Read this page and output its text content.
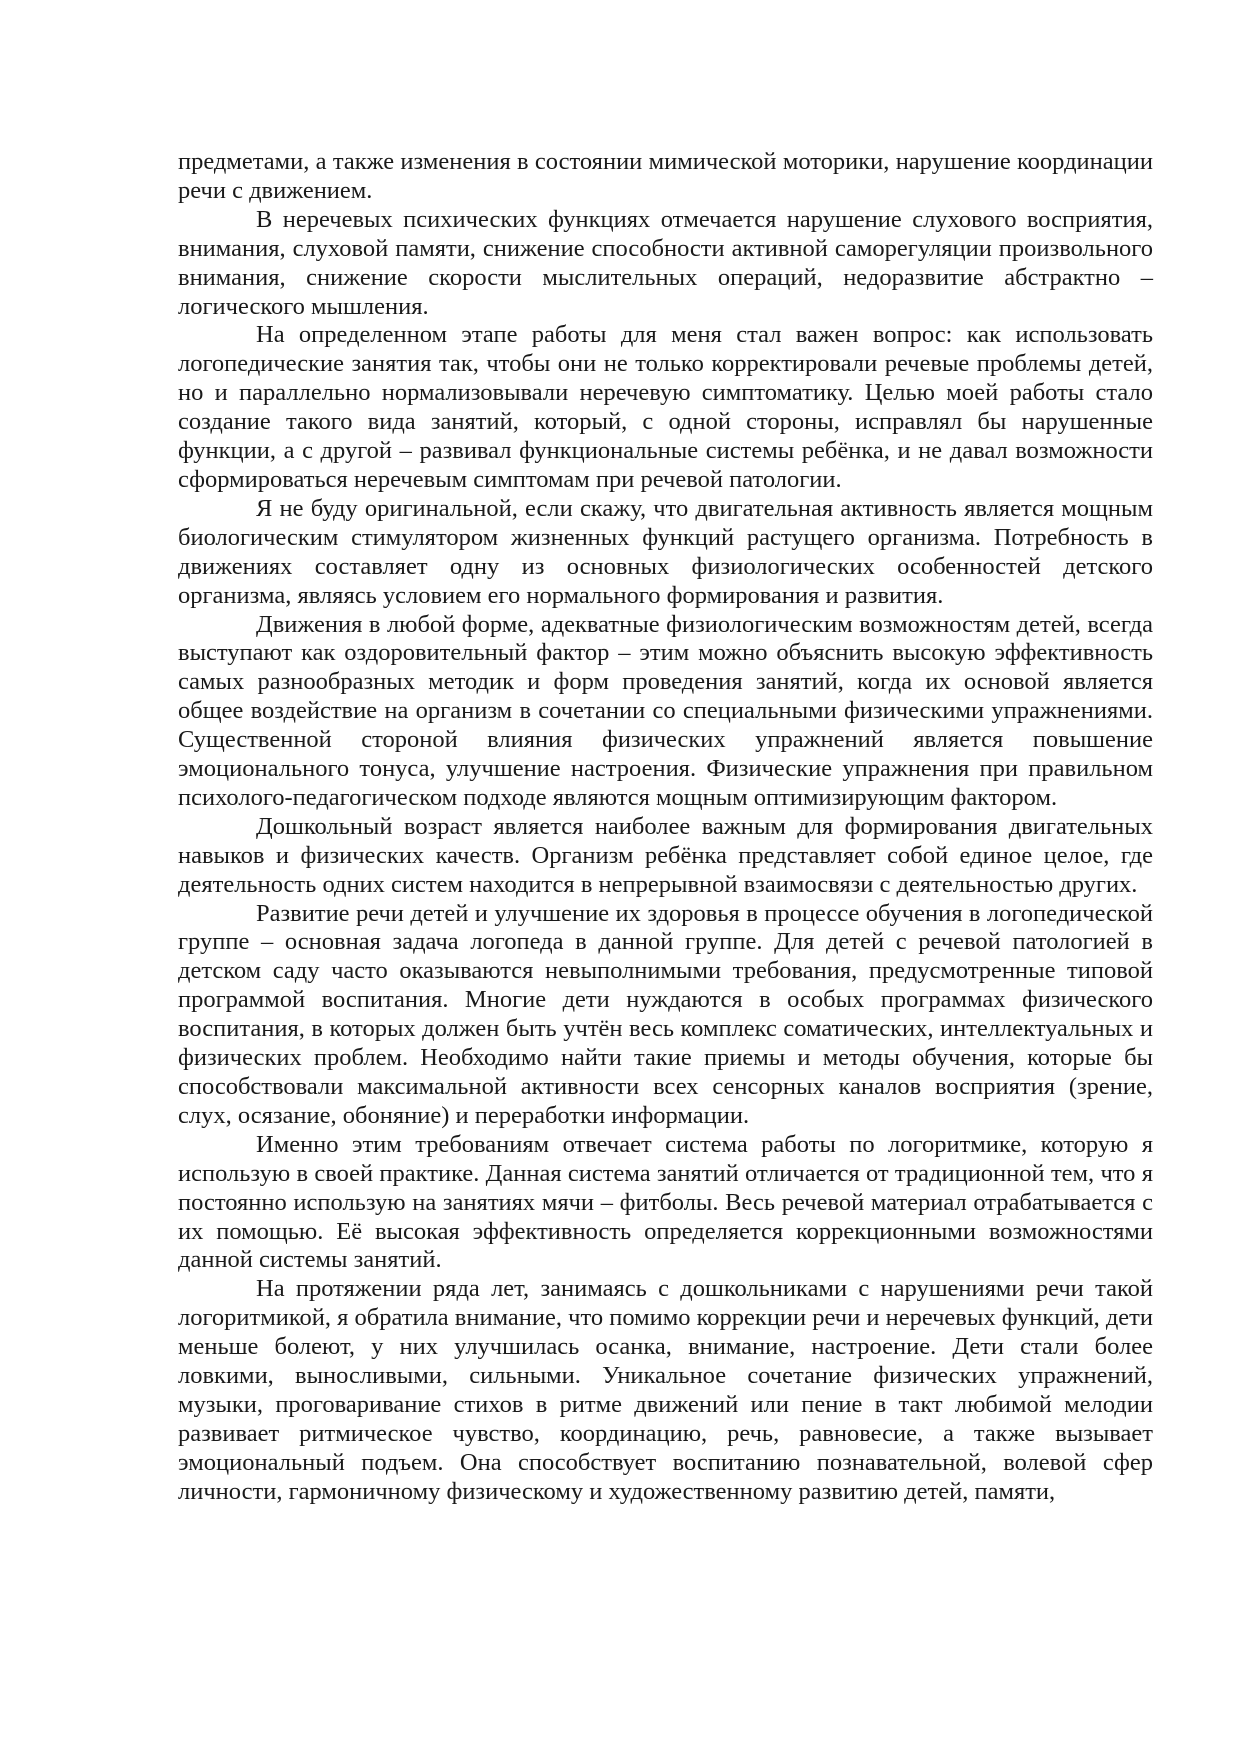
предметами, а также изменения в состоянии мимической моторики, нарушение координации речи с движением.

В неречевых психических функциях отмечается нарушение слухового восприятия, внимания, слуховой памяти, снижение способности активной саморегуляции произвольного внимания, снижение скорости мыслительных операций, недоразвитие абстрактно – логического мышления.

На определенном этапе работы для меня стал важен вопрос: как использовать логопедические занятия так, чтобы они не только корректировали речевые проблемы детей, но и параллельно нормализовывали неречевую симптоматику. Целью моей работы стало создание такого вида занятий, который, с одной стороны, исправлял бы нарушенные функции, а с другой – развивал функциональные системы ребёнка, и не давал возможности сформироваться неречевым симптомам при речевой патологии.

Я не буду оригинальной, если скажу, что двигательная активность является мощным биологическим стимулятором жизненных функций растущего организма. Потребность в движениях составляет одну из основных физиологических особенностей детского организма, являясь условием его нормального формирования и развития.

Движения в любой форме, адекватные физиологическим возможностям детей, всегда выступают как оздоровительный фактор – этим можно объяснить высокую эффективность самых разнообразных методик и форм проведения занятий, когда их основой является общее воздействие на организм в сочетании со специальными физическими упражнениями. Существенной стороной влияния физических упражнений является повышение эмоционального тонуса, улучшение настроения. Физические упражнения при правильном психолого-педагогическом подходе являются мощным оптимизирующим фактором.

Дошкольный возраст является наиболее важным для формирования двигательных навыков и физических качеств. Организм ребёнка представляет собой единое целое, где деятельность одних систем находится в непрерывной взаимосвязи с деятельностью других.

Развитие речи детей и улучшение их здоровья в процессе обучения в логопедической группе – основная задача логопеда в данной группе. Для детей с речевой патологией в детском саду часто оказываются невыполнимыми требования, предусмотренные типовой программой воспитания. Многие дети нуждаются в особых программах физического воспитания, в которых должен быть учтён весь комплекс соматических, интеллектуальных и физических проблем. Необходимо найти такие приемы и методы обучения, которые бы способствовали максимальной активности всех сенсорных каналов восприятия (зрение, слух, осязание, обоняние) и переработки информации.

Именно этим требованиям отвечает система работы по логоритмике, которую я использую в своей практике. Данная система занятий отличается от традиционной тем, что я постоянно использую на занятиях мячи – фитболы. Весь речевой материал отрабатывается с их помощью. Её высокая эффективность определяется коррекционными возможностями данной системы занятий.

На протяжении ряда лет, занимаясь с дошкольниками с нарушениями речи такой логоритмикой, я обратила внимание, что помимо коррекции речи и неречевых функций, дети меньше болеют, у них улучшилась осанка, внимание, настроение. Дети стали более ловкими, выносливыми, сильными. Уникальное сочетание физических упражнений, музыки, проговаривание стихов в ритме движений или пение в такт любимой мелодии развивает ритмическое чувство, координацию, речь, равновесие, а также вызывает эмоциональный подъем. Она способствует воспитанию познавательной, волевой сфер личности, гармоничному физическому и художественному развитию детей, памяти,
